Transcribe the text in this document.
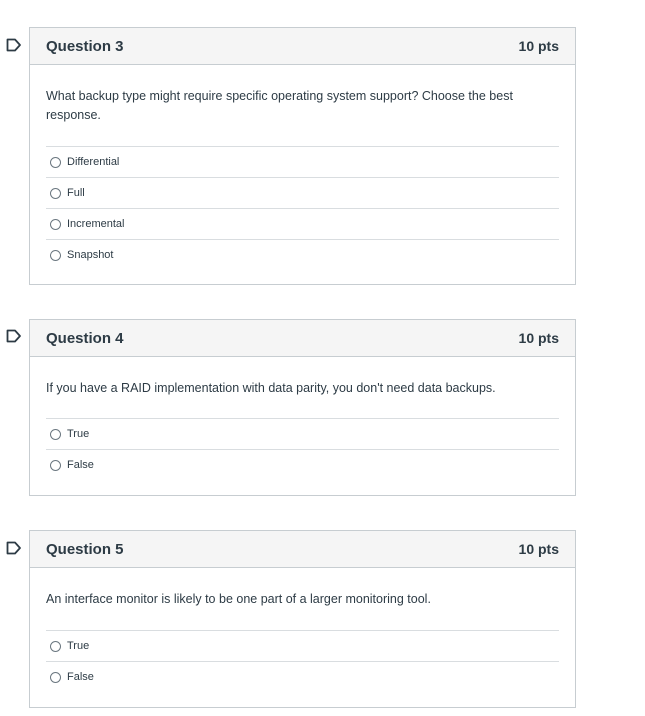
Question 3	10 pts
What backup type might require specific operating system support? Choose the best response.
Differential
Full
Incremental
Snapshot
Question 4	10 pts
If you have a RAID implementation with data parity, you don't need data backups.
True
False
Question 5	10 pts
An interface monitor is likely to be one part of a larger monitoring tool.
True
False
